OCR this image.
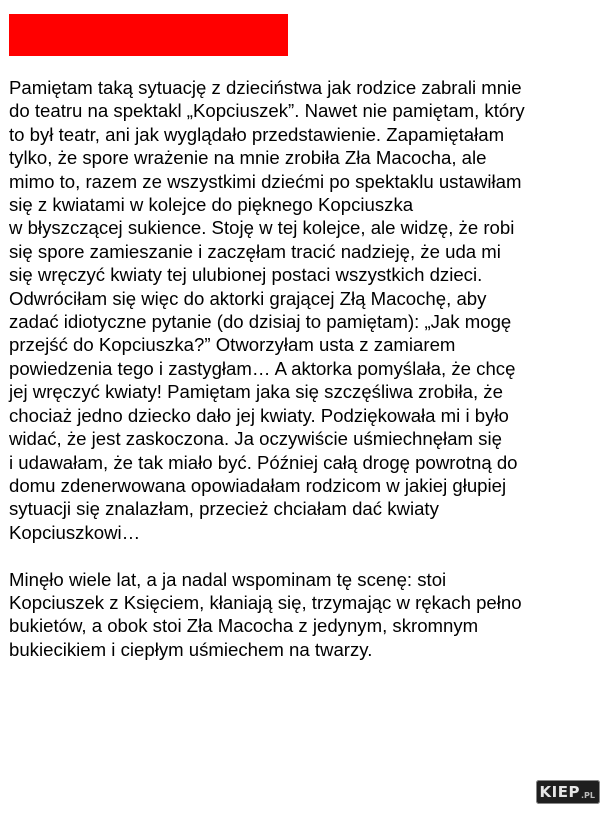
Pamiętam taką sytuację z dzieciństwa jak rodzice zabrali mnie
do teatru na spektakl „Kopciuszek”. Nawet nie pamiętam, który
to był teatr, ani jak wyglądało przedstawienie. Zapamiętałam
tylko, że spore wrażenie na mnie zrobiła Zła Macocha, ale
mimo to, razem ze wszystkimi dziećmi po spektaklu ustawiłam
się z kwiatami w kolejce do pięknego Kopciuszka
w błyszczącej sukience. Stoję w tej kolejce, ale widzę, że robi
się spore zamieszanie i zaczęłam tracić nadzieję, że uda mi
się wręczyć kwiaty tej ulubionej postaci wszystkich dzieci.
Odwróciłam się więc do aktorki grającej Złą Macochę, aby
zadać idiotyczne pytanie (do dzisiaj to pamiętam): „Jak mogę
przejść do Kopciuszka?” Otworzyłam usta z zamiarem
powiedzenia tego i zastygłam… A aktorka pomyślała, że chcę
jej wręczyć kwiaty! Pamiętam jaka się szczęśliwa zrobiła, że
chociaż jedno dziecko dało jej kwiaty. Podziękowała mi i było
widać, że jest zaskoczona. Ja oczywiście uśmiechnęłam się
i udawałam, że tak miało być. Później całą drogę powrotną do
domu zdenerwowana opowiadałam rodzicom w jakiej głupiej
sytuacji się znalazłam, przecież chciałam dać kwiaty
Kopciuszkowi…

Minęło wiele lat, a ja nadal wspominam tę scenę: stoi
Kopciuszek z Księciem, kłaniają się, trzymając w rękach pełno
bukietów, a obok stoi Zła Macocha z jedynym, skromnym
bukiecikiem i ciepłym uśmiechem na twarzy.

KIEP .PL
